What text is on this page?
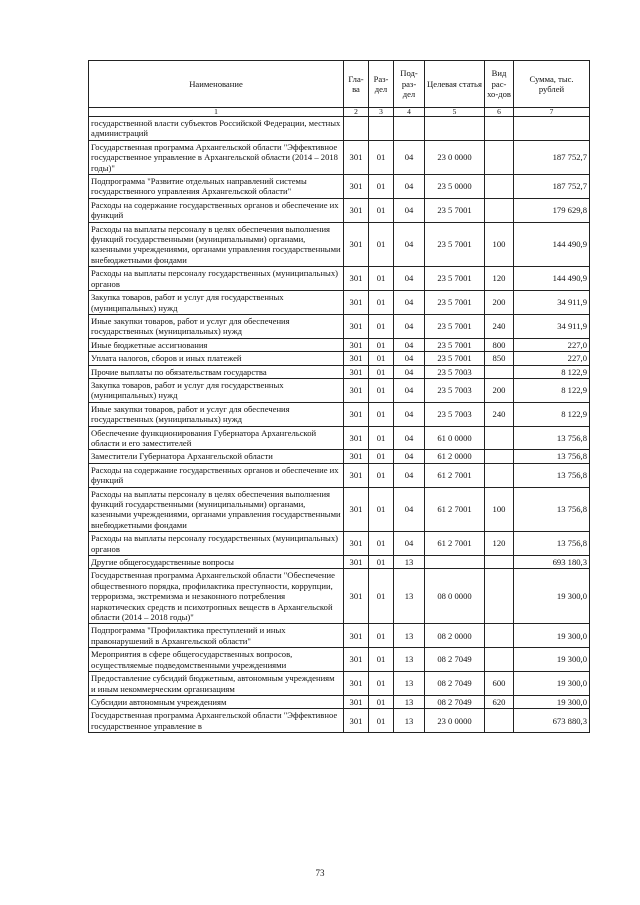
Наименование	Гла-ва	Раз-дел	Под-раз-дел	Целевая статья	Вид рас-хо-дов	Сумма, тыс. рублей
1	2	3	4	5	6	7
государственной власти субъектов Российской Федерации, местных администраций						
Государственная программа Архангельской области "Эффективное государственное управление в Архангельской области (2014 – 2018 годы)"	301	01	04	23 0 0000		187 752,7
Подпрограмма "Развитие отдельных направлений системы государственного управления Архангельской области"	301	01	04	23 5 0000		187 752,7
Расходы на содержание государственных органов и обеспечение их функций	301	01	04	23 5 7001		179 629,8
Расходы на выплаты персоналу в целях обеспечения выполнения функций государственными (муниципальными) органами, казенными учреждениями, органами управления государственными внебюджетными фондами	301	01	04	23 5 7001	100	144 490,9
Расходы на выплаты персоналу государственных (муниципальных) органов	301	01	04	23 5 7001	120	144 490,9
Закупка товаров, работ и услуг для государственных (муниципальных) нужд	301	01	04	23 5 7001	200	34 911,9
Иные закупки товаров, работ и услуг для обеспечения государственных (муниципальных) нужд	301	01	04	23 5 7001	240	34 911,9
Иные бюджетные ассигнования	301	01	04	23 5 7001	800	227,0
Уплата налогов, сборов и иных платежей	301	01	04	23 5 7001	850	227,0
Прочие выплаты по обязательствам государства	301	01	04	23 5 7003		8 122,9
Закупка товаров, работ и услуг для государственных (муниципальных) нужд	301	01	04	23 5 7003	200	8 122,9
Иные закупки товаров, работ и услуг для обеспечения государственных (муниципальных) нужд	301	01	04	23 5 7003	240	8 122,9
Обеспечение функционирования Губернатора Архангельской области и его заместителей	301	01	04	61 0 0000		13 756,8
Заместители Губернатора Архангельской области	301	01	04	61 2 0000		13 756,8
Расходы на содержание государственных органов и обеспечение их функций	301	01	04	61 2 7001		13 756,8
Расходы на выплаты персоналу в целях обеспечения выполнения функций государственными (муниципальными) органами, казенными учреждениями, органами управления государственными внебюджетными фондами	301	01	04	61 2 7001	100	13 756,8
Расходы на выплаты персоналу государственных (муниципальных) органов	301	01	04	61 2 7001	120	13 756,8
Другие общегосударственные вопросы	301	01	13			693 180,3
Государственная программа Архангельской области "Обеспечение общественного порядка, профилактика преступности, коррупции, терроризма, экстремизма и незаконного потребления наркотических средств и психотропных веществ в Архангельской области (2014 – 2018 годы)"	301	01	13	08 0 0000		19 300,0
Подпрограмма "Профилактика преступлений и иных правонарушений в Архангельской области"	301	01	13	08 2 0000		19 300,0
Мероприятия в сфере общегосударственных вопросов, осуществляемые подведомственными учреждениями	301	01	13	08 2 7049		19 300,0
Предоставление субсидий бюджетным, автономным учреждениям и иным некоммерческим организациям	301	01	13	08 2 7049	600	19 300,0
Субсидии автономным учреждениям	301	01	13	08 2 7049	620	19 300,0
Государственная программа Архангельской области "Эффективное государственное управление в	301	01	13	23 0 0000		673 880,3
73
